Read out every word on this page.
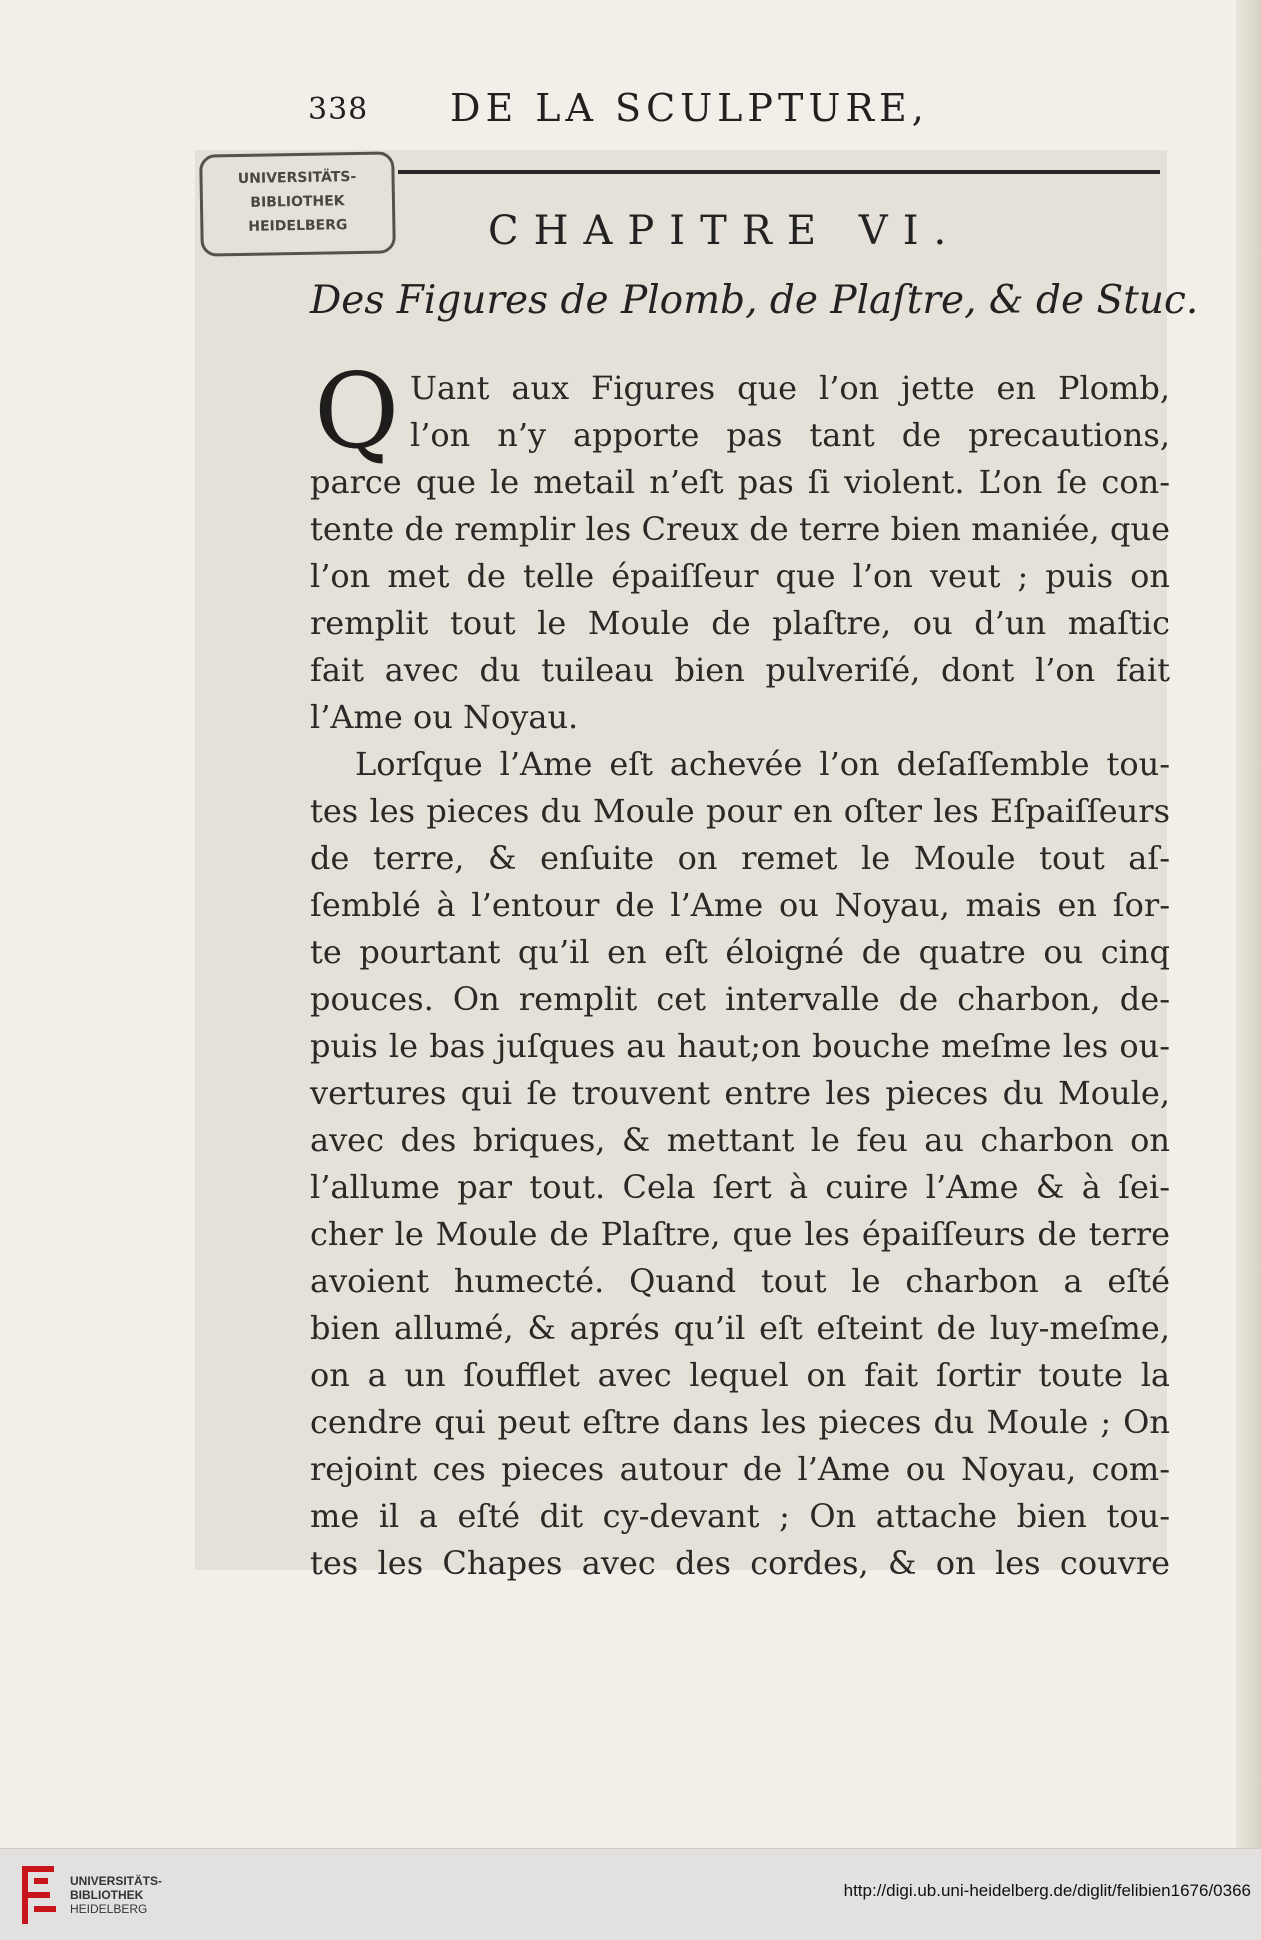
338 DE LA SCULPTURE,
UNIVERSITÄTS-
BIBLIOTHEK
HEIDELBERG	CHAPITRE VI.
Des Figures de Plomb, de Plaſtre, & de Stuc.
Q Uant aux Figures que l’on jette en Plomb,
l’on n’y apporte pas tant de precautions,
parce que le metail n’eſt pas ſi violent. L’on ſe con-
tente de remplir les Creux de terre bien maniée, que
l’on met de telle épaiſſeur que l’on veut ; puis on
remplit tout le Moule de plaſtre, ou d’un maſtic
fait avec du tuileau bien pulveriſé, dont l’on fait
l’Ame ou Noyau.
Lorſque l’Ame eſt achevée l’on deſaſſemble tou-
tes les pieces du Moule pour en oſter les Eſpaiſſeurs
de terre, & enſuite on remet le Moule tout aſ-
ſemblé à l’entour de l’Ame ou Noyau, mais en ſor-
te pourtant qu’il en eſt éloigné de quatre ou cinq
pouces. On remplit cet intervalle de charbon, de-
puis le bas juſques au haut;on bouche meſme les ou-
vertures qui ſe trouvent entre les pieces du Moule,
avec des briques, & mettant le feu au charbon on
l’allume par tout. Cela ſert à cuire l’Ame & à ſei-
cher le Moule de Plaſtre, que les épaiſſeurs de terre
avoient humecté. Quand tout le charbon a eſté
bien allumé, & aprés qu’il eſt eſteint de luy-meſme,
on a un ſoufflet avec lequel on fait ſortir toute la
cendre qui peut eſtre dans les pieces du Moule ; On
rejoint ces pieces autour de l’Ame ou Noyau, com-
me il a eſté dit cy-devant ; On attache bien tou-
tes les Chapes avec des cordes, & on les couvre
UNIVERSITÄTS-
BIBLIOTHEK
HEIDELBERG
http://digi.ub.uni-heidelberg.de/diglit/felibien1676/0366
